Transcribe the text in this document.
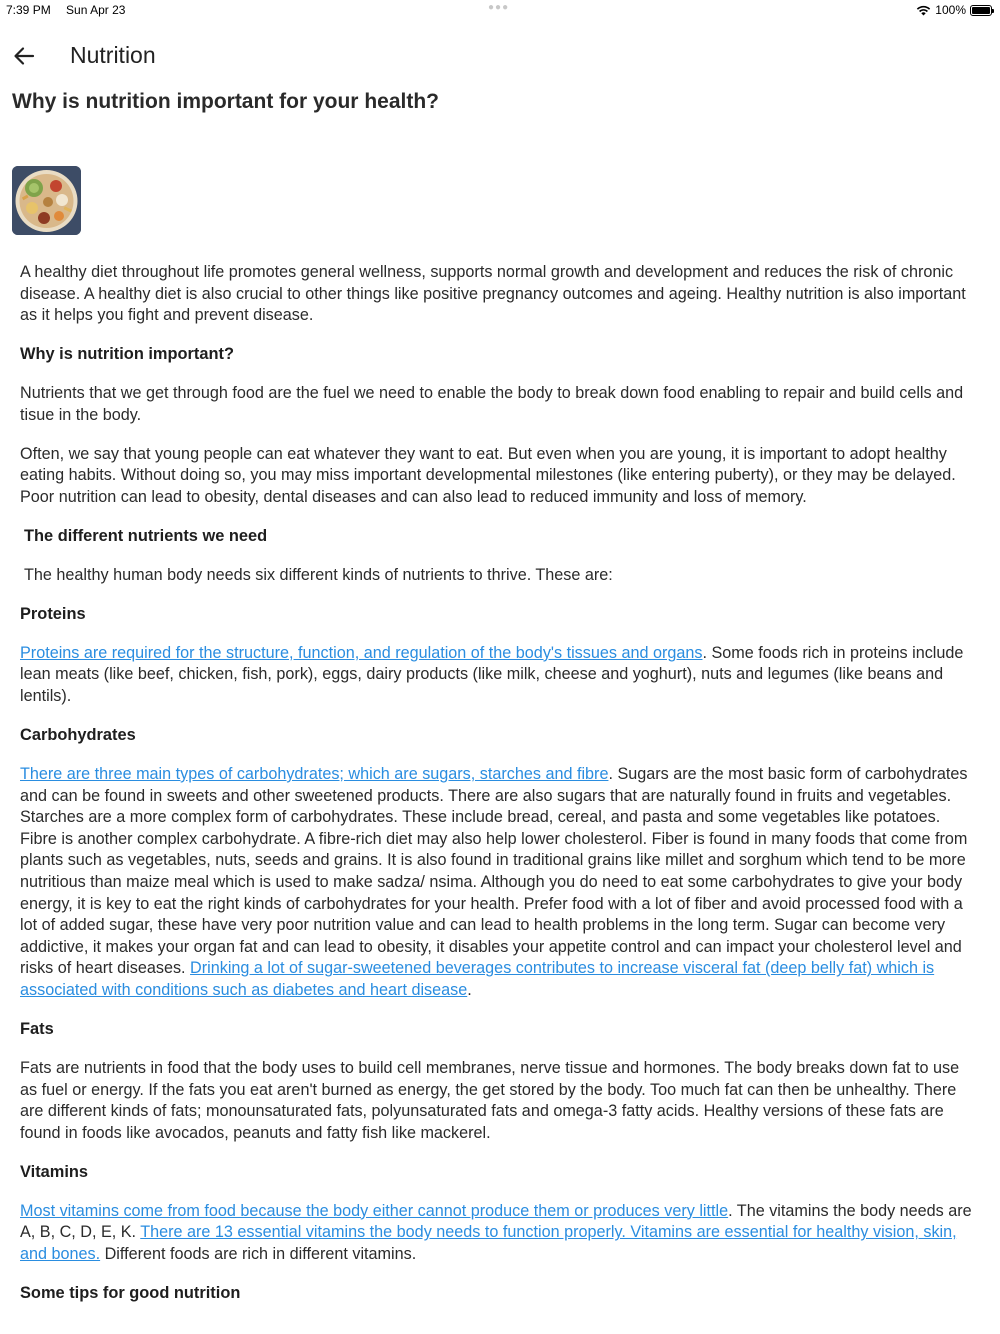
7:39 PM Sun Apr 23	●●●	100%
Nutrition
Why is nutrition important for your health?

A healthy diet throughout life promotes general wellness, supports normal growth and development and reduces the risk of chronic disease. A healthy diet is also crucial to other things like positive pregnancy outcomes and ageing. Healthy nutrition is also important as it helps you fight and prevent disease.

Why is nutrition important?

Nutrients that we get through food are the fuel we need to enable the body to break down food enabling to repair and build cells and tisue in the body.

Often, we say that young people can eat whatever they want to eat. But even when you are young, it is important to adopt healthy eating habits. Without doing so, you may miss important developmental milestones (like entering puberty), or they may be delayed. Poor nutrition can lead to obesity, dental diseases and can also lead to reduced immunity and loss of memory.

The different nutrients we need

The healthy human body needs six different kinds of nutrients to thrive. These are:

Proteins

Proteins are required for the structure, function, and regulation of the body's tissues and organs. Some foods rich in proteins include lean meats (like beef, chicken, fish, pork), eggs, dairy products (like milk, cheese and yoghurt), nuts and legumes (like beans and lentils).

Carbohydrates

There are three main types of carbohydrates; which are sugars, starches and fibre. Sugars are the most basic form of carbohydrates and can be found in sweets and other sweetened products. There are also sugars that are naturally found in fruits and vegetables. Starches are a more complex form of carbohydrates. These include bread, cereal, and pasta and some vegetables like potatoes. Fibre is another complex carbohydrate. A fibre-rich diet may also help lower cholesterol. Fiber is found in many foods that come from plants such as vegetables, nuts, seeds and grains. It is also found in traditional grains like millet and sorghum which tend to be more nutritious than maize meal which is used to make sadza/ nsima. Although you do need to eat some carbohydrates to give your body energy, it is key to eat the right kinds of carbohydrates for your health. Prefer food with a lot of fiber and avoid processed food with a lot of added sugar, these have very poor nutrition value and can lead to health problems in the long term. Sugar can become very addictive, it makes your organ fat and can lead to obesity, it disables your appetite control and can impact your cholesterol level and risks of heart diseases. Drinking a lot of sugar-sweetened beverages contributes to increase visceral fat (deep belly fat) which is associated with conditions such as diabetes and heart disease.

Fats

Fats are nutrients in food that the body uses to build cell membranes, nerve tissue and hormones. The body breaks down fat to use as fuel or energy. If the fats you eat aren't burned as energy, the get stored by the body. Too much fat can then be unhealthy. There are different kinds of fats; monounsaturated fats, polyunsaturated fats and omega-3 fatty acids. Healthy versions of these fats are found in foods like avocados, peanuts and fatty fish like mackerel.

Vitamins

Most vitamins come from food because the body either cannot produce them or produces very little. The vitamins the body needs are A, B, C, D, E, K. There are 13 essential vitamins the body needs to function properly. Vitamins are essential for healthy vision, skin, and bones. Different foods are rich in different vitamins.

Some tips for good nutrition
